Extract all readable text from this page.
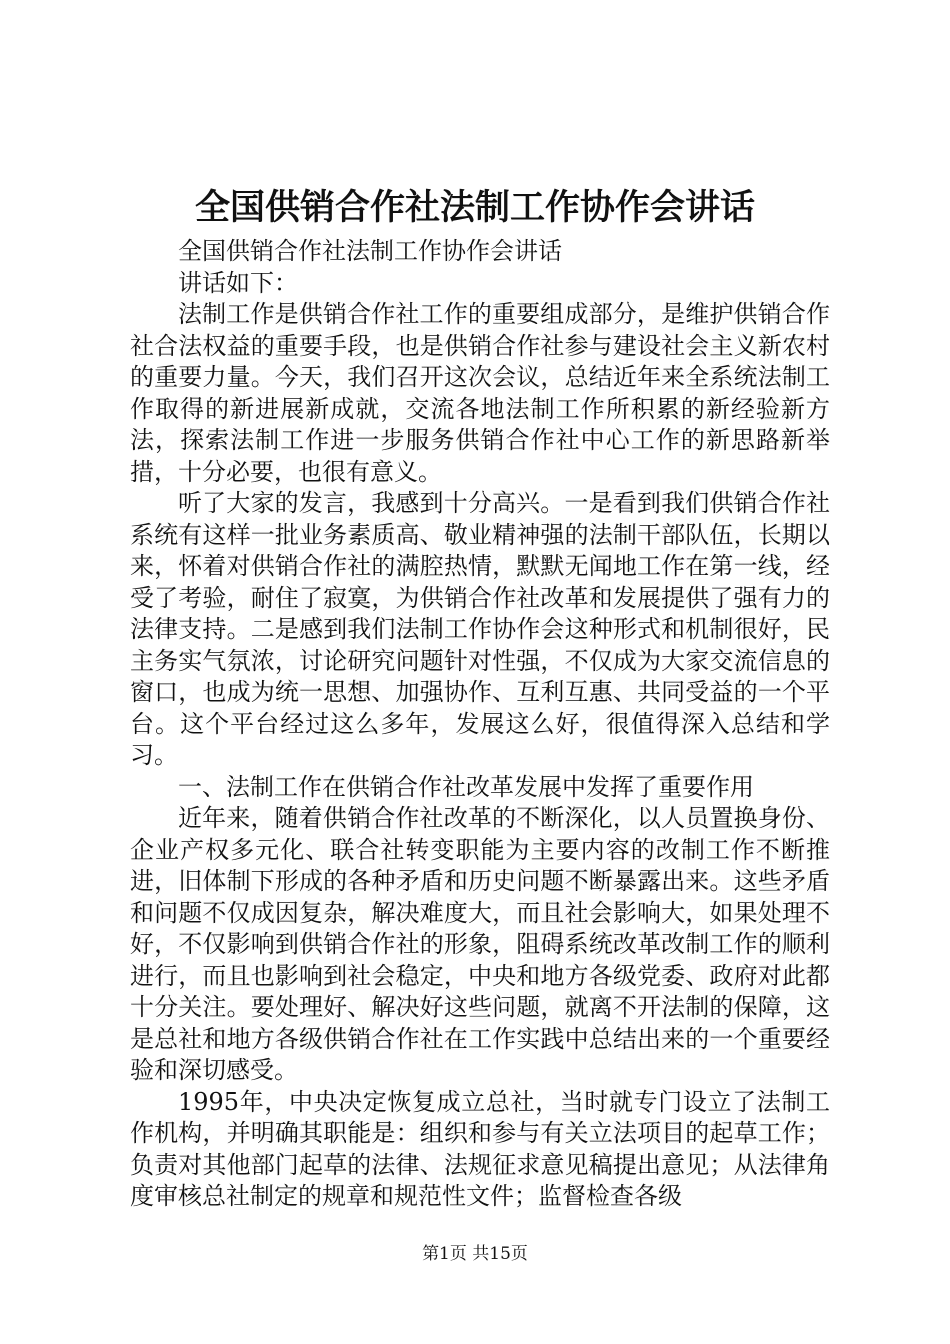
全国供销合作社法制工作协作会讲话

全国供销合作社法制工作协作会讲话

讲话如下：

法制工作是供销合作社工作的重要组成部分，是维护供销合作社合法权益的重要手段，也是供销合作社参与建设社会主义新农村的重要力量。今天，我们召开这次会议，总结近年来全系统法制工作取得的新进展新成就，交流各地法制工作所积累的新经验新方法，探索法制工作进一步服务供销合作社中心工作的新思路新举措，十分必要，也很有意义。

听了大家的发言，我感到十分高兴。一是看到我们供销合作社系统有这样一批业务素质高、敬业精神强的法制干部队伍，长期以来，怀着对供销合作社的满腔热情，默默无闻地工作在第一线，经受了考验，耐住了寂寞，为供销合作社改革和发展提供了强有力的法律支持。二是感到我们法制工作协作会这种形式和机制很好，民主务实气氛浓，讨论研究问题针对性强，不仅成为大家交流信息的窗口，也成为统一思想、加强协作、互利互惠、共同受益的一个平台。这个平台经过这么多年，发展这么好，很值得深入总结和学习。

一、法制工作在供销合作社改革发展中发挥了重要作用

近年来，随着供销合作社改革的不断深化，以人员置换身份、企业产权多元化、联合社转变职能为主要内容的改制工作不断推进，旧体制下形成的各种矛盾和历史问题不断暴露出来。这些矛盾和问题不仅成因复杂，解决难度大，而且社会影响大，如果处理不好，不仅影响到供销合作社的形象，阻碍系统改革改制工作的顺利进行，而且也影响到社会稳定，中央和地方各级党委、政府对此都十分关注。要处理好、解决好这些问题，就离不开法制的保障，这是总社和地方各级供销合作社在工作实践中总结出来的一个重要经验和深切感受。

1995年，中央决定恢复成立总社，当时就专门设立了法制工作机构，并明确其职能是：组织和参与有关立法项目的起草工作；负责对其他部门起草的法律、法规征求意见稿提出意见；从法律角度审核总社制定的规章和规范性文件；监督检查各级

第1页 共15页
